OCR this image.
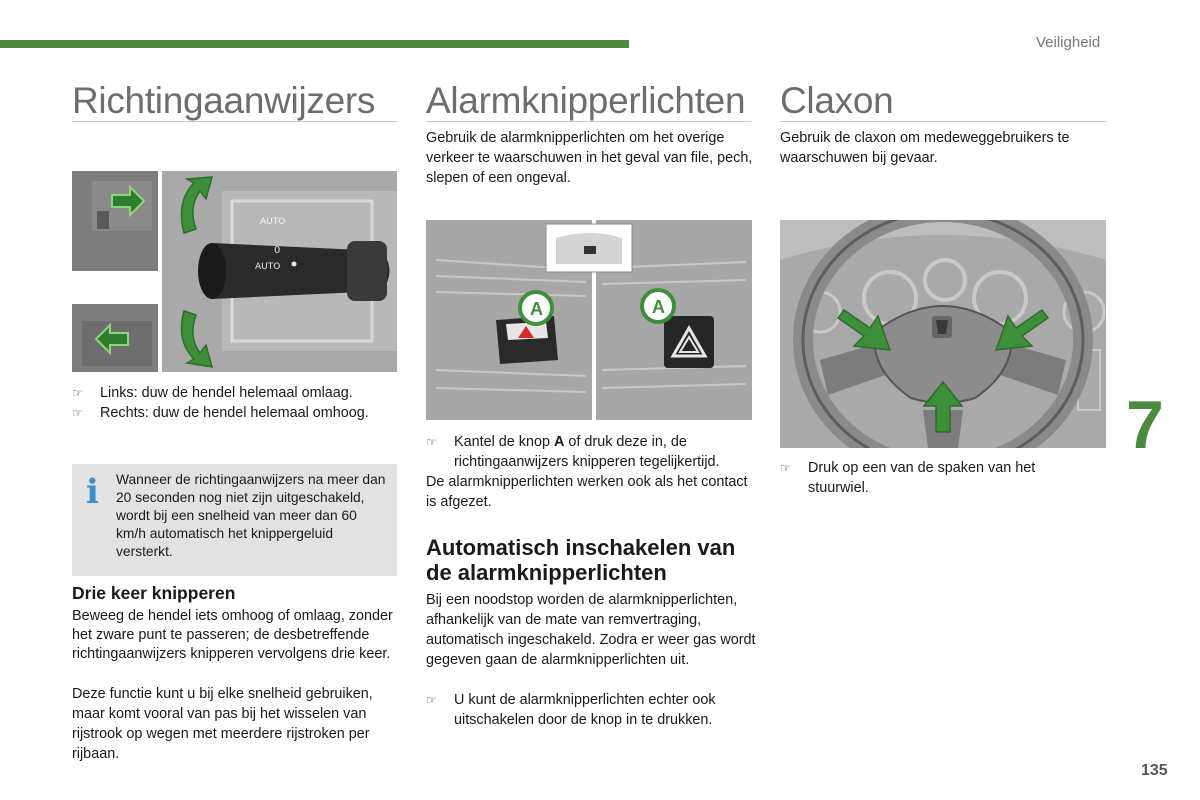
Veiligheid
Richtingaanwijzers
AUTO
0
AUTO
☞ Links: duw de hendel helemaal omlaag.
☞ Rechts: duw de hendel helemaal omhoog.
i Wanneer de richtingaanwijzers na meer dan 20 seconden nog niet zijn uitgeschakeld, wordt bij een snelheid van meer dan 60 km/h automatisch het knippergeluid versterkt.
Drie keer knipperen
Beweeg de hendel iets omhoog of omlaag, zonder het zware punt te passeren; de desbetreffende richtingaanwijzers knipperen vervolgens drie keer.
Deze functie kunt u bij elke snelheid gebruiken, maar komt vooral van pas bij het wisselen van rijstrook op wegen met meerdere rijstroken per rijbaan.
Alarmknipperlichten
Gebruik de alarmknipperlichten om het overige verkeer te waarschuwen in het geval van file, pech, slepen of een ongeval.
A	A
☞ Kantel de knop A of druk deze in, de richtingaanwijzers knipperen tegelijkertijd.
De alarmknipperlichten werken ook als het contact is afgezet.
Automatisch inschakelen van de alarmknipperlichten
Bij een noodstop worden de alarmknipperlichten, afhankelijk van de mate van remvertraging, automatisch ingeschakeld. Zodra er weer gas wordt gegeven gaan de alarmknipperlichten uit.
☞ U kunt de alarmknipperlichten echter ook uitschakelen door de knop in te drukken.
Claxon
Gebruik de claxon om medeweggebruikers te waarschuwen bij gevaar.
☞ Druk op een van de spaken van het stuurwiel.
7
135
